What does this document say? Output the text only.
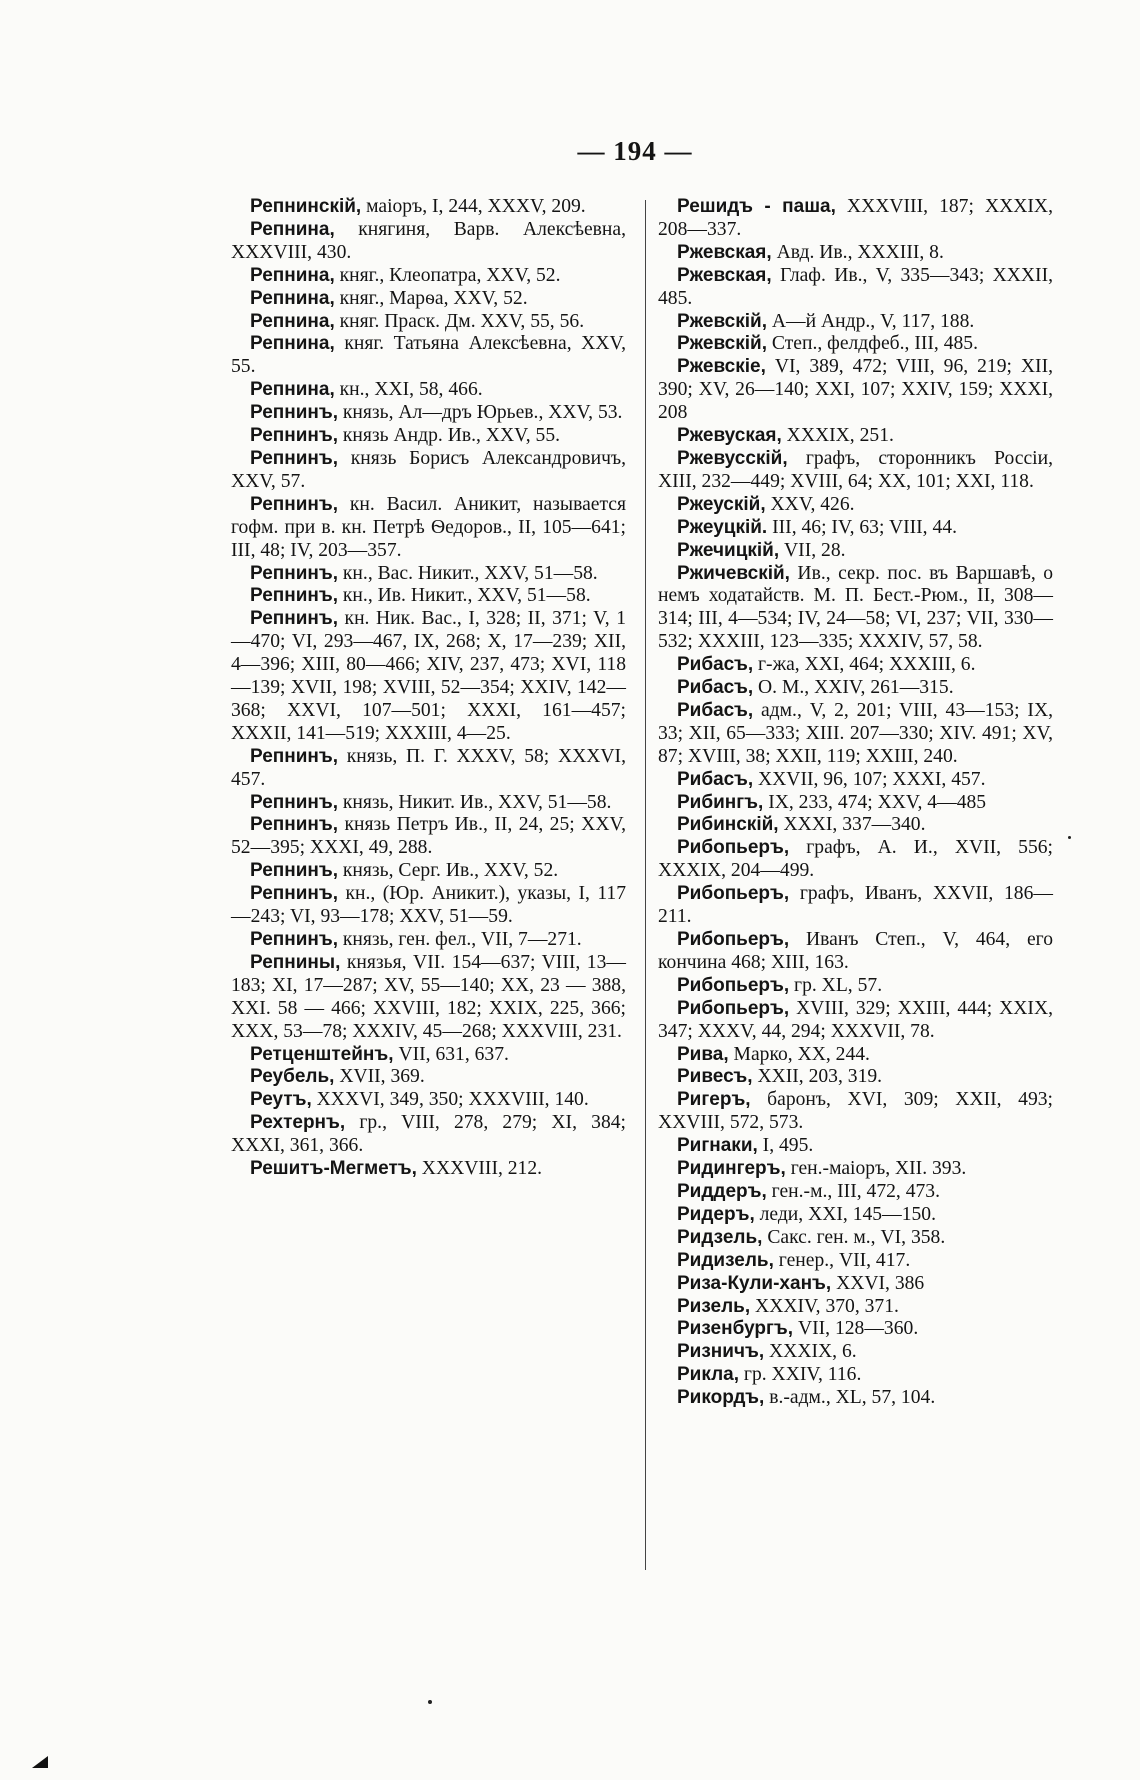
— 194 —

Репнинскій, маіоръ, I, 244, XXXV, 209.

Репнина, княгиня, Варв. Алексѣевна, XXXVIII, 430.

Репнина, княг., Клеопатра, XXV, 52.

Репнина, княг., Марѳа, XXV, 52.

Репнина, княг. Праск. Дм. XXV, 55, 56.

Репнина, княг. Татьяна Алексѣевна, XXV, 55.

Репнина, кн., XXI, 58, 466.

Репнинъ, князь, Ал—дръ Юрьев., XXV, 53.

Репнинъ, князь Андр. Ив., XXV, 55.

Репнинъ, князь Борисъ Александровичъ, XXV, 57.

Репнинъ, кн. Васил. Аникит, называется гофм. при в. кн. Петрѣ Ѳедоров., II, 105—641; III, 48; IV, 203—357.

Репнинъ, кн., Вас. Никит., XXV, 51—58.

Репнинъ, кн., Ив. Никит., XXV, 51—58.

Репнинъ, кн. Ник. Вас., I, 328; II, 371; V, 1—470; VI, 293—467, IX, 268; X, 17—239; XII, 4—396; XIII, 80—466; XIV, 237, 473; XVI, 118—139; XVII, 198; XVIII, 52—354; XXIV, 142—368; XXVI, 107—501; XXXI, 161—457; XXXII, 141—519; XXXIII, 4—25.

Репнинъ, князь, П. Г. XXXV, 58; XXXVI, 457.

Репнинъ, князь, Никит. Ив., XXV, 51—58.

Репнинъ, князь Петръ Ив., II, 24, 25; XXV, 52—395; XXXI, 49, 288.

Репнинъ, князь, Серг. Ив., XXV, 52.

Репнинъ, кн., (Юр. Аникит.), указы, I, 117—243; VI, 93—178; XXV, 51—59.

Репнинъ, князь, ген. фел., VII, 7—271.

Репнины, князья, VII. 154—637; VIII, 13—183; XI, 17—287; XV, 55—140; XX, 23 — 388, XXI. 58 — 466; XXVIII, 182; XXIX, 225, 366; XXX, 53—78; XXXIV, 45—268; XXXVIII, 231.

Ретценштейнъ, VII, 631, 637.

Реубель, XVII, 369.

Реутъ, XXXVI, 349, 350; XXXVIII, 140.

Рехтернъ, гр., VIII, 278, 279; XI, 384; XXXI, 361, 366.

Решитъ-Мегметъ, XXXVIII, 212.

Решидъ - паша, XXXVIII, 187; XXXIX, 208—337.

Ржевская, Авд. Ив., XXXIII, 8.

Ржевская, Глаф. Ив., V, 335—343; XXXII, 485.

Ржевскій, А—й Андр., V, 117, 188.

Ржевскій, Степ., фелдфеб., III, 485.

Ржевскіе, VI, 389, 472; VIII, 96, 219; XII, 390; XV, 26—140; XXI, 107; XXIV, 159; XXXI, 208

Ржевуская, XXXIX, 251.

Ржевусскій, графъ, сторонникъ Россіи, XIII, 232—449; XVIII, 64; XX, 101; XXI, 118.

Ржеускій, XXV, 426.

Ржеуцкій. III, 46; IV, 63; VIII, 44.

Ржечицкій, VII, 28.

Ржичевскій, Ив., секр. пос. въ Варшавѣ, о немъ ходатайств. М. П. Бест.-Рюм., II, 308—314; III, 4—534; IV, 24—58; VI, 237; VII, 330—532; XXXIII, 123—335; XXXIV, 57, 58.

Рибасъ, г-жа, XXI, 464; XXXIII, 6.

Рибасъ, О. М., XXIV, 261—315.

Рибасъ, адм., V, 2, 201; VIII, 43—153; IX, 33; XII, 65—333; XIII. 207—330; XIV. 491; XV, 87; XVIII, 38; XXII, 119; XXIII, 240.

Рибасъ, XXVII, 96, 107; XXXI, 457.

Рибингъ, IX, 233, 474; XXV, 4—485

Рибинскій, XXXI, 337—340.

Рибопьеръ, графъ, А. И., XVII, 556; XXXIX, 204—499.

Рибопьеръ, графъ, Иванъ, XXVII, 186—211.

Рибопьеръ, Иванъ Степ., V, 464, его кончина 468; XIII, 163.

Рибопьеръ, гр. XL, 57.

Рибопьеръ, XVIII, 329; XXIII, 444; XXIX, 347; XXXV, 44, 294; XXXVII, 78.

Рива, Марко, XX, 244.

Ривесъ, XXII, 203, 319.

Ригеръ, баронъ, XVI, 309; XXII, 493; XXVIII, 572, 573.

Ригнаки, I, 495.

Ридингеръ, ген.-маіоръ, XII. 393.

Риддеръ, ген.-м., III, 472, 473.

Ридеръ, леди, XXI, 145—150.

Ридзель, Сакс. ген. м., VI, 358.

Ридизель, генер., VII, 417.

Риза-Кули-ханъ, XXVI, 386

Ризель, XXXIV, 370, 371.

Ризенбургъ, VII, 128—360.

Ризничъ, XXXIX, 6.

Рикла, гр. XXIV, 116.

Рикордъ, в.-адм., XL, 57, 104.
